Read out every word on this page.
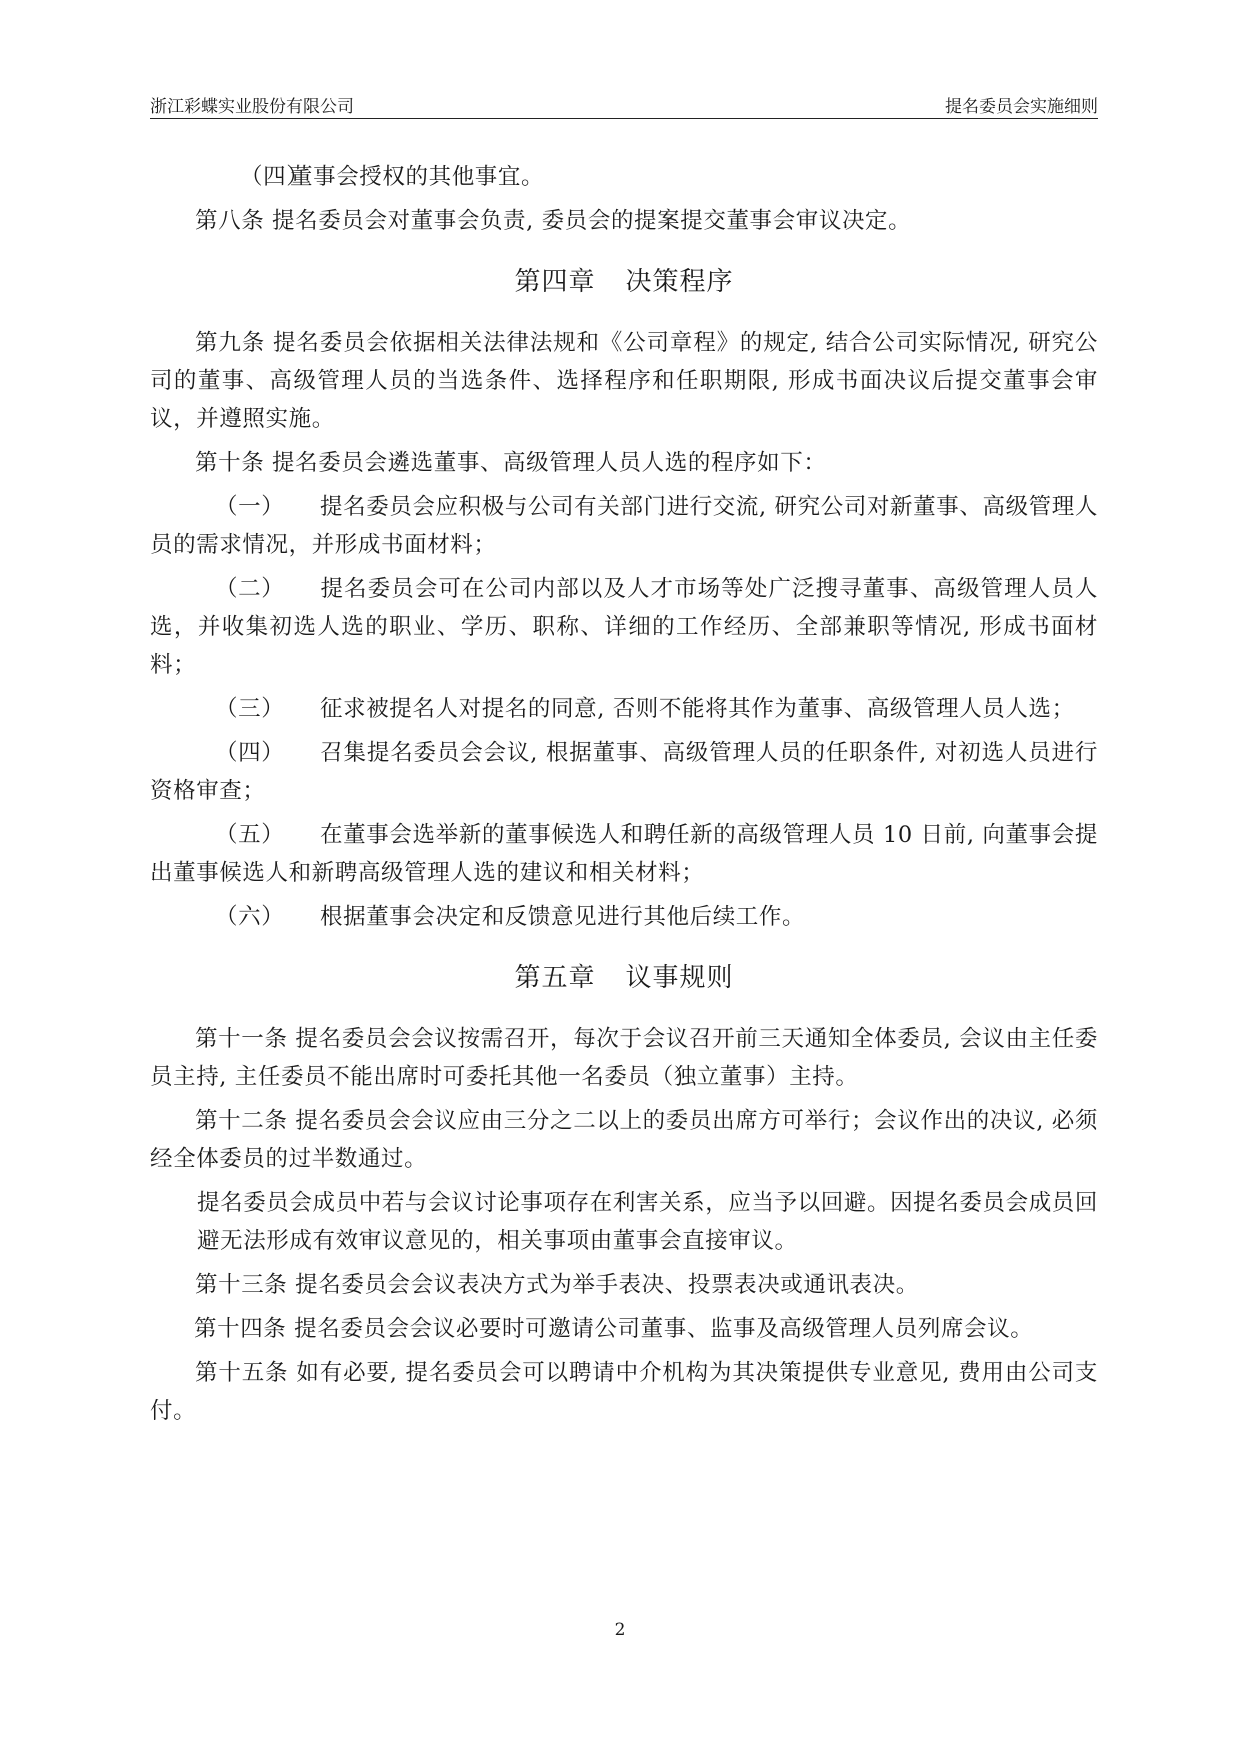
浙江彩蝶实业股份有限公司	提名委员会实施细则

（四）董事会授权的其他事宜。

第八条 提名委员会对董事会负责, 委员会的提案提交董事会审议决定。

第四章 决策程序

第九条 提名委员会依据相关法律法规和《公司章程》的规定, 结合公司实际情况, 研究公司的董事、高级管理人员的当选条件、选择程序和任职期限, 形成书面决议后提交董事会审议，并遵照实施。

第十条 提名委员会遴选董事、高级管理人员人选的程序如下：

（一） 提名委员会应积极与公司有关部门进行交流, 研究公司对新董事、高级管理人员的需求情况，并形成书面材料；

（二） 提名委员会可在公司内部以及人才市场等处广泛搜寻董事、高级管理人员人选，并收集初选人选的职业、学历、职称、详细的工作经历、全部兼职等情况, 形成书面材料；

（三） 征求被提名人对提名的同意, 否则不能将其作为董事、高级管理人员人选；

（四） 召集提名委员会会议, 根据董事、高级管理人员的任职条件, 对初选人员进行资格审查；

（五） 在董事会选举新的董事候选人和聘任新的高级管理人员 10 日前, 向董事会提出董事候选人和新聘高级管理人选的建议和相关材料；

（六） 根据董事会决定和反馈意见进行其他后续工作。

第五章 议事规则

第十一条 提名委员会会议按需召开，每次于会议召开前三天通知全体委员, 会议由主任委员主持, 主任委员不能出席时可委托其他一名委员（独立董事）主持。

第十二条 提名委员会会议应由三分之二以上的委员出席方可举行；会议作出的决议, 必须经全体委员的过半数通过。

提名委员会成员中若与会议讨论事项存在利害关系，应当予以回避。因提名委员会成员回避无法形成有效审议意见的，相关事项由董事会直接审议。

第十三条 提名委员会会议表决方式为举手表决、投票表决或通讯表决。

第十四条 提名委员会会议必要时可邀请公司董事、监事及高级管理人员列席会议。

第十五条 如有必要, 提名委员会可以聘请中介机构为其决策提供专业意见, 费用由公司支付。

2
